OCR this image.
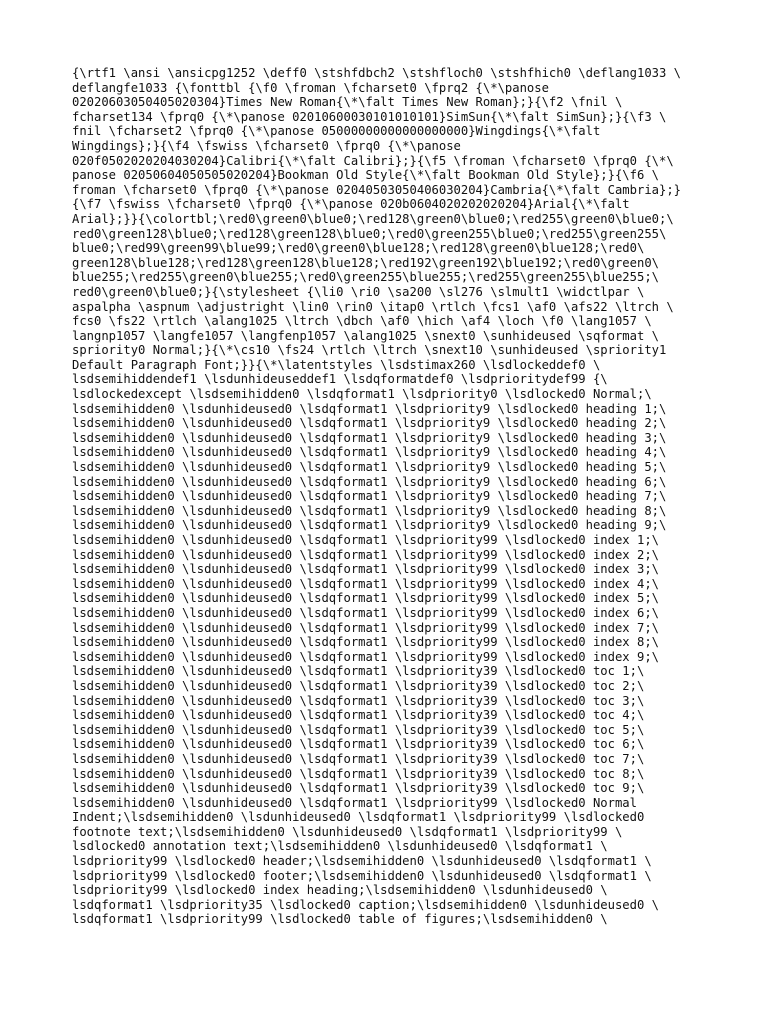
{\rtf1 \ansi \ansicpg1252 \deff0 \stshfdbch2 \stshfloch0 \stshfhich0 \deflang1033 \
deflangfe1033 {\fonttbl {\f0 \froman \fcharset0 \fprq2 {\*\panose
02020603050405020304}Times New Roman{\*\falt Times New Roman};}{\f2 \fnil \
fcharset134 \fprq0 {\*\panose 02010600030101010101}SimSun{\*\falt SimSun};}{\f3 \
fnil \fcharset2 \fprq0 {\*\panose 05000000000000000000}Wingdings{\*\falt
Wingdings};}{\f4 \fswiss \fcharset0 \fprq0 {\*\panose
020f0502020204030204}Calibri{\*\falt Calibri};}{\f5 \froman \fcharset0 \fprq0 {\*\
panose 02050604050505020204}Bookman Old Style{\*\falt Bookman Old Style};}{\f6 \
froman \fcharset0 \fprq0 {\*\panose 02040503050406030204}Cambria{\*\falt Cambria};}
{\f7 \fswiss \fcharset0 \fprq0 {\*\panose 020b0604020202020204}Arial{\*\falt
Arial};}}{\colortbl;\red0\green0\blue0;\red128\green0\blue0;\red255\green0\blue0;\
red0\green128\blue0;\red128\green128\blue0;\red0\green255\blue0;\red255\green255\
blue0;\red99\green99\blue99;\red0\green0\blue128;\red128\green0\blue128;\red0\
green128\blue128;\red128\green128\blue128;\red192\green192\blue192;\red0\green0\
blue255;\red255\green0\blue255;\red0\green255\blue255;\red255\green255\blue255;\
red0\green0\blue0;}{\stylesheet {\li0 \ri0 \sa200 \sl276 \slmult1 \widctlpar \
aspalpha \aspnum \adjustright \lin0 \rin0 \itap0 \rtlch \fcs1 \af0 \afs22 \ltrch \
fcs0 \fs22 \rtlch \alang1025 \ltrch \dbch \af0 \hich \af4 \loch \f0 \lang1057 \
langnp1057 \langfe1057 \langfenp1057 \alang1025 \snext0 \sunhideused \sqformat \
spriority0 Normal;}{\*\cs10 \fs24 \rtlch \ltrch \snext10 \sunhideused \spriority1
Default Paragraph Font;}}{\*\latentstyles \lsdstimax260 \lsdlockeddef0 \
lsdsemihiddendef1 \lsdunhideuseddef1 \lsdqformatdef0 \lsdprioritydef99 {\
lsdlockedexcept \lsdsemihidden0 \lsdqformat1 \lsdpriority0 \lsdlocked0 Normal;\
lsdsemihidden0 \lsdunhideused0 \lsdqformat1 \lsdpriority9 \lsdlocked0 heading 1;\
lsdsemihidden0 \lsdunhideused0 \lsdqformat1 \lsdpriority9 \lsdlocked0 heading 2;\
lsdsemihidden0 \lsdunhideused0 \lsdqformat1 \lsdpriority9 \lsdlocked0 heading 3;\
lsdsemihidden0 \lsdunhideused0 \lsdqformat1 \lsdpriority9 \lsdlocked0 heading 4;\
lsdsemihidden0 \lsdunhideused0 \lsdqformat1 \lsdpriority9 \lsdlocked0 heading 5;\
lsdsemihidden0 \lsdunhideused0 \lsdqformat1 \lsdpriority9 \lsdlocked0 heading 6;\
lsdsemihidden0 \lsdunhideused0 \lsdqformat1 \lsdpriority9 \lsdlocked0 heading 7;\
lsdsemihidden0 \lsdunhideused0 \lsdqformat1 \lsdpriority9 \lsdlocked0 heading 8;\
lsdsemihidden0 \lsdunhideused0 \lsdqformat1 \lsdpriority9 \lsdlocked0 heading 9;\
lsdsemihidden0 \lsdunhideused0 \lsdqformat1 \lsdpriority99 \lsdlocked0 index 1;\
lsdsemihidden0 \lsdunhideused0 \lsdqformat1 \lsdpriority99 \lsdlocked0 index 2;\
lsdsemihidden0 \lsdunhideused0 \lsdqformat1 \lsdpriority99 \lsdlocked0 index 3;\
lsdsemihidden0 \lsdunhideused0 \lsdqformat1 \lsdpriority99 \lsdlocked0 index 4;\
lsdsemihidden0 \lsdunhideused0 \lsdqformat1 \lsdpriority99 \lsdlocked0 index 5;\
lsdsemihidden0 \lsdunhideused0 \lsdqformat1 \lsdpriority99 \lsdlocked0 index 6;\
lsdsemihidden0 \lsdunhideused0 \lsdqformat1 \lsdpriority99 \lsdlocked0 index 7;\
lsdsemihidden0 \lsdunhideused0 \lsdqformat1 \lsdpriority99 \lsdlocked0 index 8;\
lsdsemihidden0 \lsdunhideused0 \lsdqformat1 \lsdpriority99 \lsdlocked0 index 9;\
lsdsemihidden0 \lsdunhideused0 \lsdqformat1 \lsdpriority39 \lsdlocked0 toc 1;\
lsdsemihidden0 \lsdunhideused0 \lsdqformat1 \lsdpriority39 \lsdlocked0 toc 2;\
lsdsemihidden0 \lsdunhideused0 \lsdqformat1 \lsdpriority39 \lsdlocked0 toc 3;\
lsdsemihidden0 \lsdunhideused0 \lsdqformat1 \lsdpriority39 \lsdlocked0 toc 4;\
lsdsemihidden0 \lsdunhideused0 \lsdqformat1 \lsdpriority39 \lsdlocked0 toc 5;\
lsdsemihidden0 \lsdunhideused0 \lsdqformat1 \lsdpriority39 \lsdlocked0 toc 6;\
lsdsemihidden0 \lsdunhideused0 \lsdqformat1 \lsdpriority39 \lsdlocked0 toc 7;\
lsdsemihidden0 \lsdunhideused0 \lsdqformat1 \lsdpriority39 \lsdlocked0 toc 8;\
lsdsemihidden0 \lsdunhideused0 \lsdqformat1 \lsdpriority39 \lsdlocked0 toc 9;\
lsdsemihidden0 \lsdunhideused0 \lsdqformat1 \lsdpriority99 \lsdlocked0 Normal
Indent;\lsdsemihidden0 \lsdunhideused0 \lsdqformat1 \lsdpriority99 \lsdlocked0
footnote text;\lsdsemihidden0 \lsdunhideused0 \lsdqformat1 \lsdpriority99 \
lsdlocked0 annotation text;\lsdsemihidden0 \lsdunhideused0 \lsdqformat1 \
lsdpriority99 \lsdlocked0 header;\lsdsemihidden0 \lsdunhideused0 \lsdqformat1 \
lsdpriority99 \lsdlocked0 footer;\lsdsemihidden0 \lsdunhideused0 \lsdqformat1 \
lsdpriority99 \lsdlocked0 index heading;\lsdsemihidden0 \lsdunhideused0 \
lsdqformat1 \lsdpriority35 \lsdlocked0 caption;\lsdsemihidden0 \lsdunhideused0 \
lsdqformat1 \lsdpriority99 \lsdlocked0 table of figures;\lsdsemihidden0 \
